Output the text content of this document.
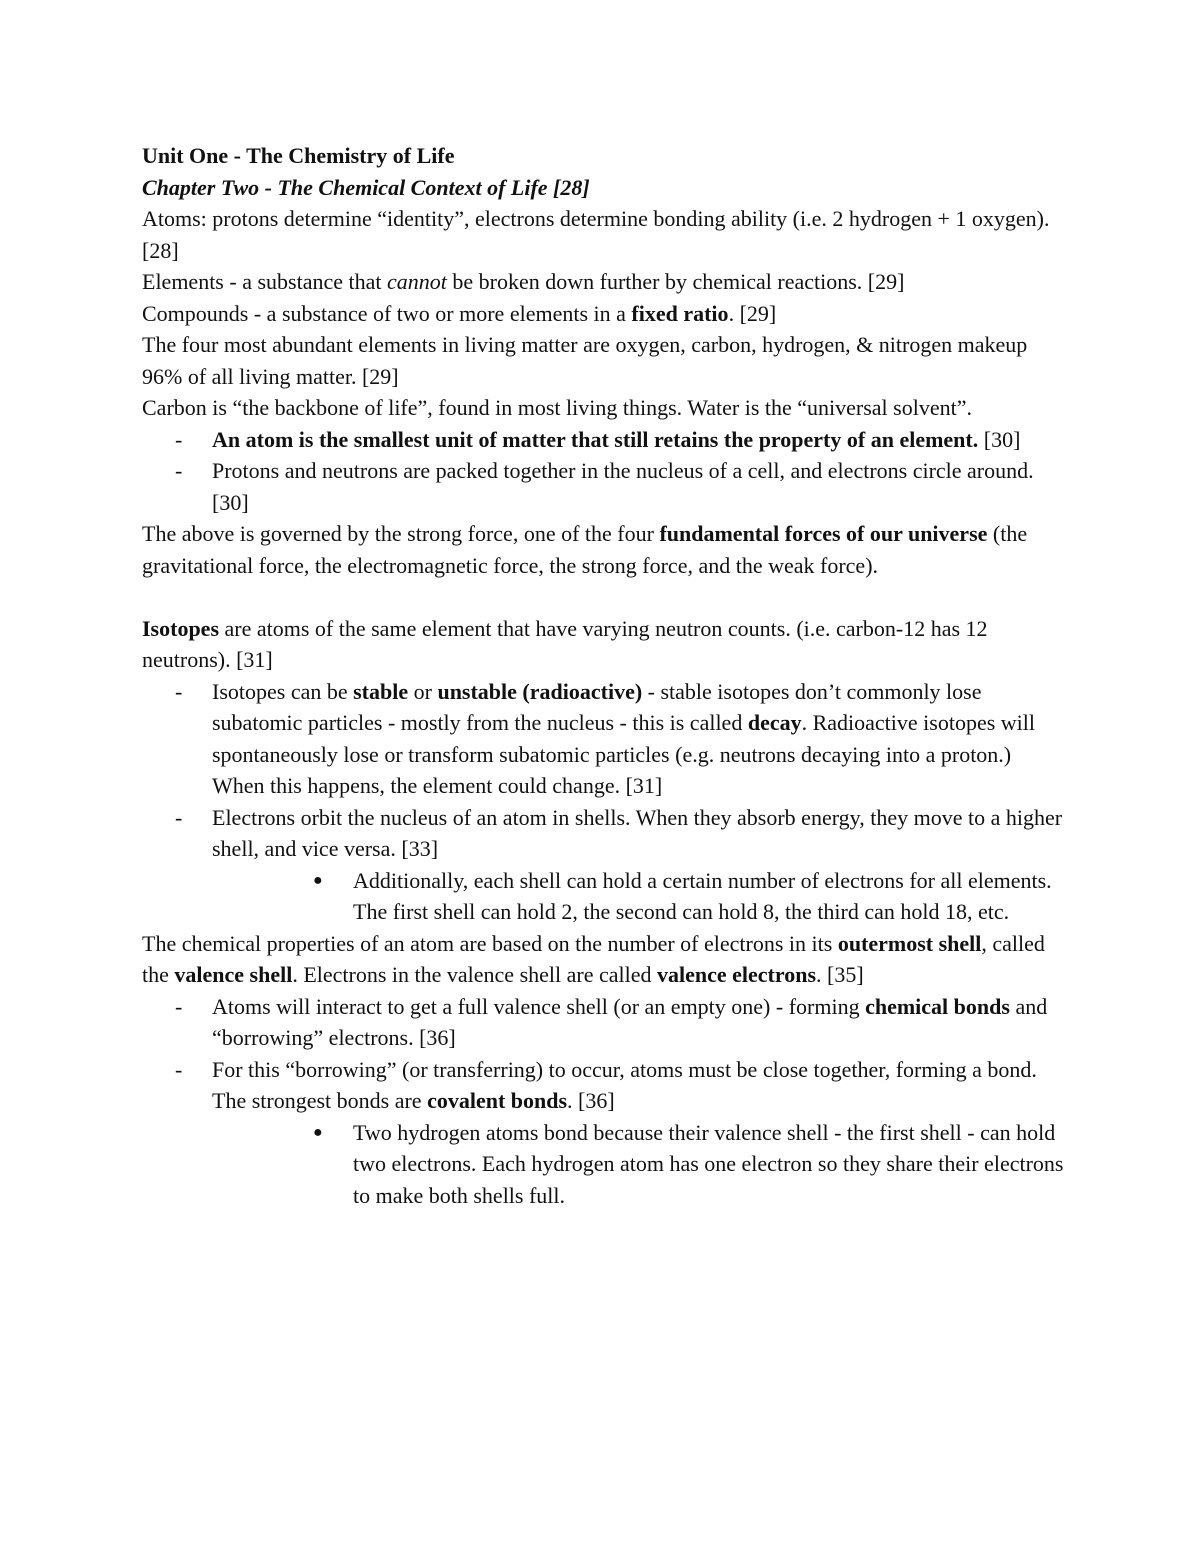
Unit One - The Chemistry of Life

Chapter Two - The Chemical Context of Life [28]

Atoms: protons determine “identity”, electrons determine bonding ability (i.e. 2 hydrogen + 1 oxygen). [28]

Elements - a substance that cannot be broken down further by chemical reactions. [29]

Compounds - a substance of two or more elements in a fixed ratio. [29]

The four most abundant elements in living matter are oxygen, carbon, hydrogen, & nitrogen makeup 96% of all living matter. [29]

Carbon is “the backbone of life”, found in most living things. Water is the “universal solvent”.

- An atom is the smallest unit of matter that still retains the property of an element. [30]
- Protons and neutrons are packed together in the nucleus of a cell, and electrons circle around. [30]

The above is governed by the strong force, one of the four fundamental forces of our universe (the gravitational force, the electromagnetic force, the strong force, and the weak force).

Isotopes are atoms of the same element that have varying neutron counts. (i.e. carbon-12 has 12 neutrons). [31]

- Isotopes can be stable or unstable (radioactive) - stable isotopes don’t commonly lose subatomic particles - mostly from the nucleus - this is called decay. Radioactive isotopes will spontaneously lose or transform subatomic particles (e.g. neutrons decaying into a proton.) When this happens, the element could change. [31]
- Electrons orbit the nucleus of an atom in shells. When they absorb energy, they move to a higher shell, and vice versa. [33]
● Additionally, each shell can hold a certain number of electrons for all elements. The first shell can hold 2, the second can hold 8, the third can hold 18, etc.

The chemical properties of an atom are based on the number of electrons in its outermost shell, called the valence shell. Electrons in the valence shell are called valence electrons. [35]

- Atoms will interact to get a full valence shell (or an empty one) - forming chemical bonds and “borrowing” electrons. [36]
- For this “borrowing” (or transferring) to occur, atoms must be close together, forming a bond. The strongest bonds are covalent bonds. [36]
● Two hydrogen atoms bond because their valence shell - the first shell - can hold two electrons. Each hydrogen atom has one electron so they share their electrons to make both shells full.
